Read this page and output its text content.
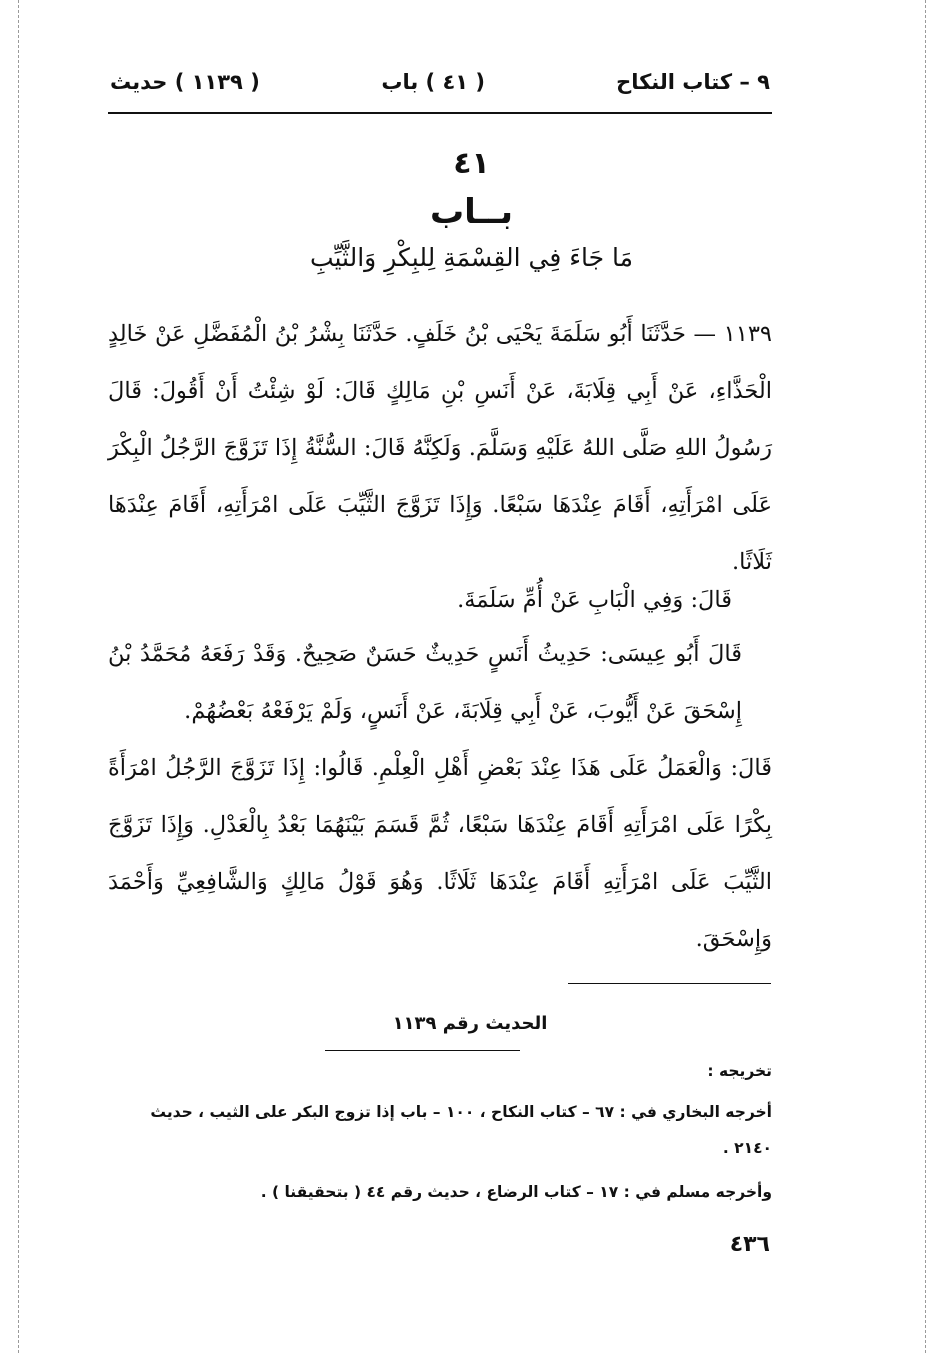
٩ – كتاب النكاح
( ٤١ ) باب
( ١١٣٩ ) حديث
٤١
بــاب
مَا جَاءَ فِي القِسْمَةِ لِلبِكْرِ وَالثَّيِّبِ

١١٣٩ — حَدَّثَنَا أَبُو سَلَمَةَ يَحْيَى بْنُ خَلَفٍ. حَدَّثَنَا بِشْرُ بْنُ الْمُفَضَّلِ عَنْ خَالِدٍ الْحَذَّاءِ، عَنْ أَبِي قِلَابَةَ، عَنْ أَنَسِ بْنِ مَالِكٍ قَالَ: لَوْ شِئْتُ أَنْ أَقُولَ: قَالَ رَسُولُ اللهِ صَلَّى اللهُ عَلَيْهِ وَسَلَّمَ. وَلَكِنَّهُ قَالَ: السُّنَّةُ إِذَا تَزَوَّجَ الرَّجُلُ الْبِكْرَ عَلَى امْرَأَتِهِ، أَقَامَ عِنْدَهَا سَبْعًا. وَإِذَا تَزَوَّجَ الثَّيِّبَ عَلَى امْرَأَتِهِ، أَقَامَ عِنْدَهَا ثَلَاثًا.

قَالَ: وَفِي الْبَابِ عَنْ أُمِّ سَلَمَةَ.

قَالَ أَبُو عِيسَى: حَدِيثُ أَنَسٍ حَدِيثٌ حَسَنٌ صَحِيحٌ. وَقَدْ رَفَعَهُ مُحَمَّدُ بْنُ إِسْحَقَ عَنْ أَيُّوبَ، عَنْ أَبِي قِلَابَةَ، عَنْ أَنَسٍ، وَلَمْ يَرْفَعْهُ بَعْضُهُمْ.

قَالَ: وَالْعَمَلُ عَلَى هَذَا عِنْدَ بَعْضِ أَهْلِ الْعِلْمِ. قَالُوا: إِذَا تَزَوَّجَ الرَّجُلُ امْرَأَةً بِكْرًا عَلَى امْرَأَتِهِ أَقَامَ عِنْدَهَا سَبْعًا، ثُمَّ قَسَمَ بَيْنَهُمَا بَعْدُ بِالْعَدْلِ. وَإِذَا تَزَوَّجَ الثَّيِّبَ عَلَى امْرَأَتِهِ أَقَامَ عِنْدَهَا ثَلَاثًا. وَهُوَ قَوْلُ مَالِكٍ وَالشَّافِعِيِّ وَأَحْمَدَ وَإِسْحَقَ.

الحديث رقم ١١٣٩

تخريجه :

أخرجه البخاري في : ٦٧ – كتاب النكاح ، ١٠٠ – باب إذا تزوج البكر على الثيب ، حديث ٢١٤٠ .

وأخرجه مسلم في : ١٧ – كتاب الرضاع ، حديث رقم ٤٤ ( بتحقيقنا ) .

٤٣٦
